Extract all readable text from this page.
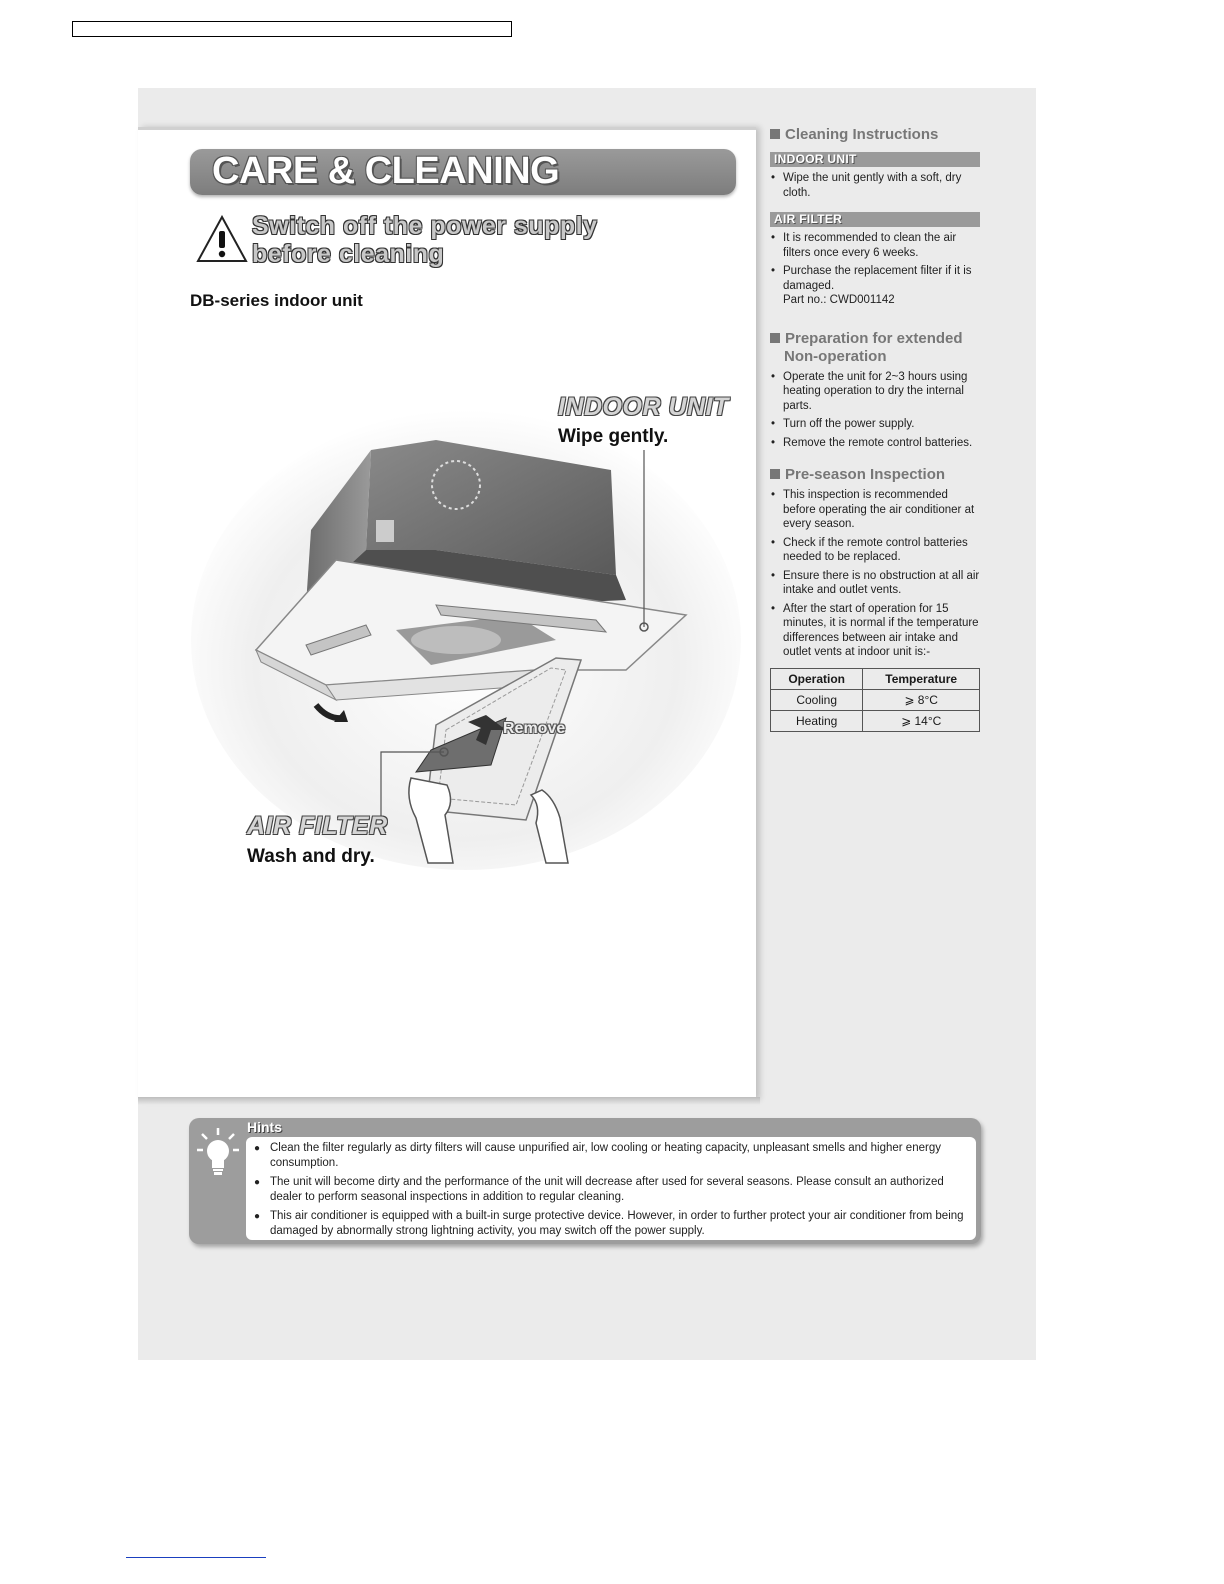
CARE & CLEANING
Switch off the power supply
before cleaning
DB-series indoor unit
INDOOR UNIT
Wipe gently.
Remove
AIR FILTER
Wash and dry.
Cleaning Instructions
INDOOR UNIT
• Wipe the unit gently with a soft, dry cloth.
AIR FILTER
• It is recommended to clean the air filters once every 6 weeks.
• Purchase the replacement filter if it is damaged.
Part no.: CWD001142
Preparation for extended
Non-operation
• Operate the unit for 2~3 hours using heating operation to dry the internal parts.
• Turn off the power supply.
• Remove the remote control batteries.
Pre-season Inspection
• This inspection is recommended before operating the air conditioner at every season.
• Check if the remote control batteries needed to be replaced.
• Ensure there is no obstruction at all air intake and outlet vents.
• After the start of operation for 15 minutes, it is normal if the temperature differences between air intake and outlet vents at indoor unit is:-
Operation	Temperature
Cooling	⩾ 8°C
Heating	⩾ 14°C
Hints
● Clean the filter regularly as dirty filters will cause unpurified air, low cooling or heating capacity, unpleasant smells and higher energy consumption.
● The unit will become dirty and the performance of the unit will decrease after used for several seasons. Please consult an authorized dealer to perform seasonal inspections in addition to regular cleaning.
● This air conditioner is equipped with a built-in surge protective device. However, in order to further protect your air conditioner from being damaged by abnormally strong lightning activity, you may switch off the power supply.
